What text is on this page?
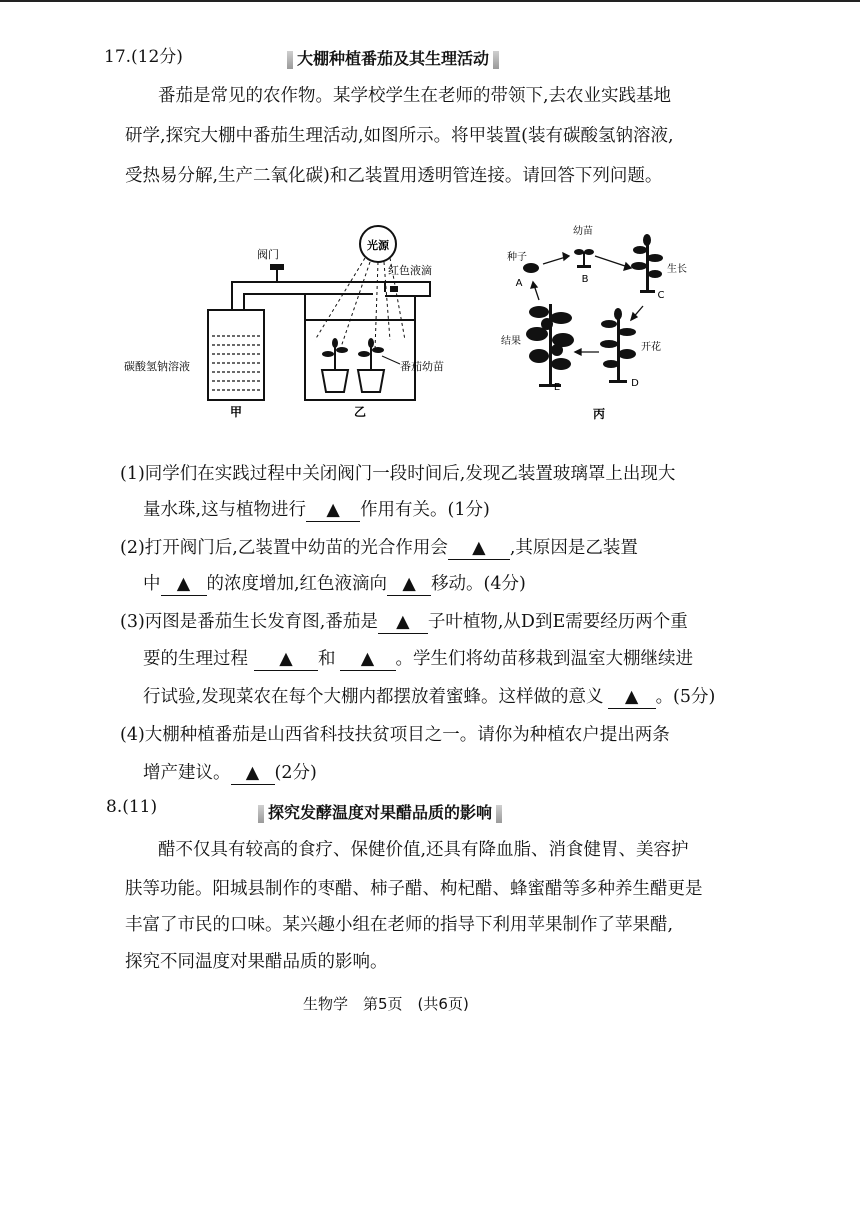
17.(12分)	大棚种植番茄及其生理活动
番茄是常见的农作物。某学校学生在老师的带领下,去农业实践基地
研学,探究大棚中番茄生理活动,如图所示。将甲装置(装有碳酸氢钠溶液,
受热易分解,生产二氧化碳)和乙装置用透明管连接。请回答下列问题。
光源
阀门
红色液滴
碳酸氢钠溶液	番茄幼苗
甲	乙
种子
A
幼苗
B
生长
C
开花
D
结果
E
丙
(1)同学们在实践过程中关闭阀门一段时间后,发现乙装置玻璃罩上出现大
量水珠,这与植物进行 ▲ 作用有关。(1分)
(2)打开阀门后,乙装置中幼苗的光合作用会 ▲ ,其原因是乙装置
中 ▲ 的浓度增加,红色液滴向 ▲ 移动。(4分)
(3)丙图是番茄生长发育图,番茄是 ▲ 子叶植物,从D到E需要经历两个重
要的生理过程 ▲ 和 ▲ 。学生们将幼苗移栽到温室大棚继续进
行试验,发现菜农在每个大棚内都摆放着蜜蜂。这样做的意义 ▲ 。(5分)
(4)大棚种植番茄是山西省科技扶贫项目之一。请你为种植农户提出两条
增产建议。 ▲ (2分)
8.(11)	探究发酵温度对果醋品质的影响
醋不仅具有较高的食疗、保健价值,还具有降血脂、消食健胃、美容护
肤等功能。阳城县制作的枣醋、柿子醋、枸杞醋、蜂蜜醋等多种养生醋更是
丰富了市民的口味。某兴趣小组在老师的指导下利用苹果制作了苹果醋,
探究不同温度对果醋品质的影响。
生物学　第5页　(共6页)
